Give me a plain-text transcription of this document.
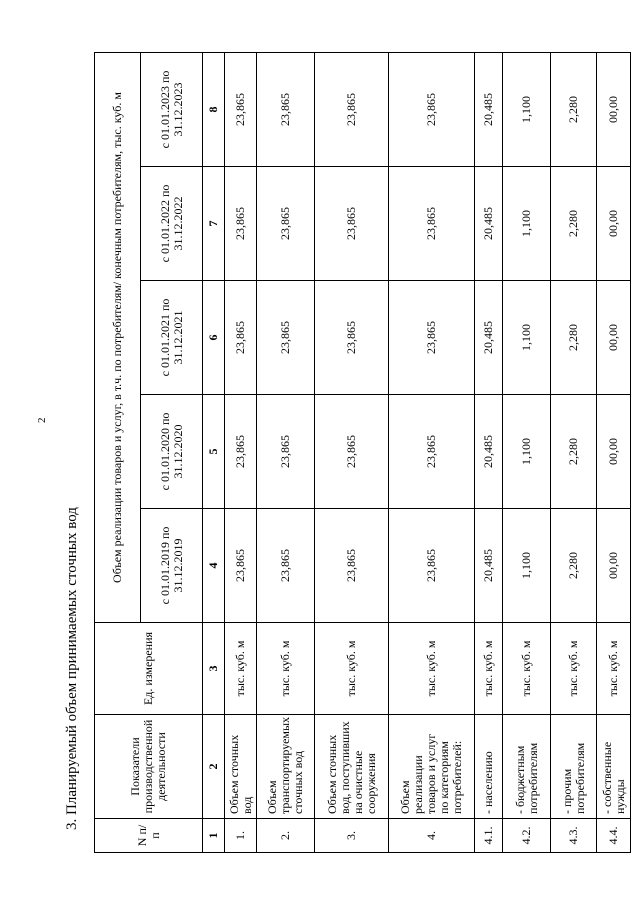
2
3. Планируемый объем принимаемых сточных вод
N п/п	Показатели производственной деятельности	Ед. измерения	Объем реализации товаров и услуг, в т.ч. по потребителям/ конечным потребителям, тыс. куб. м				
			с 01.01.2019 по 31.12.2019	с 01.01.2020 по 31.12.2020	с 01.01.2021 по 31.12.2021	с 01.01.2022 по 31.12.2022	с 01.01.2023 по 31.12.2023
1	2	3	4	5	6	7	8
1.	Объем сточных вод	тыс. куб. м	23,865	23,865	23,865	23,865	23,865
2.	Объем транспортируемых сточных вод	тыс. куб. м	23,865	23,865	23,865	23,865	23,865
3.	Объем сточных вод, поступивших на очистные сооружения	тыс. куб. м	23,865	23,865	23,865	23,865	23,865
4.	Объем реализации товаров и услуг по категориям потребителей:	тыс. куб. м	23,865	23,865	23,865	23,865	23,865
4.1.	- населению	тыс. куб. м	20,485	20,485	20,485	20,485	20,485
4.2.	- бюджетным потребителям	тыс. куб. м	1,100	1,100	1,100	1,100	1,100
4.3.	- прочим потребителям	тыс. куб. м	2,280	2,280	2,280	2,280	2,280
4.4.	- собственные нужды	тыс. куб. м	00,00	00,00	00,00	00,00	00,00
